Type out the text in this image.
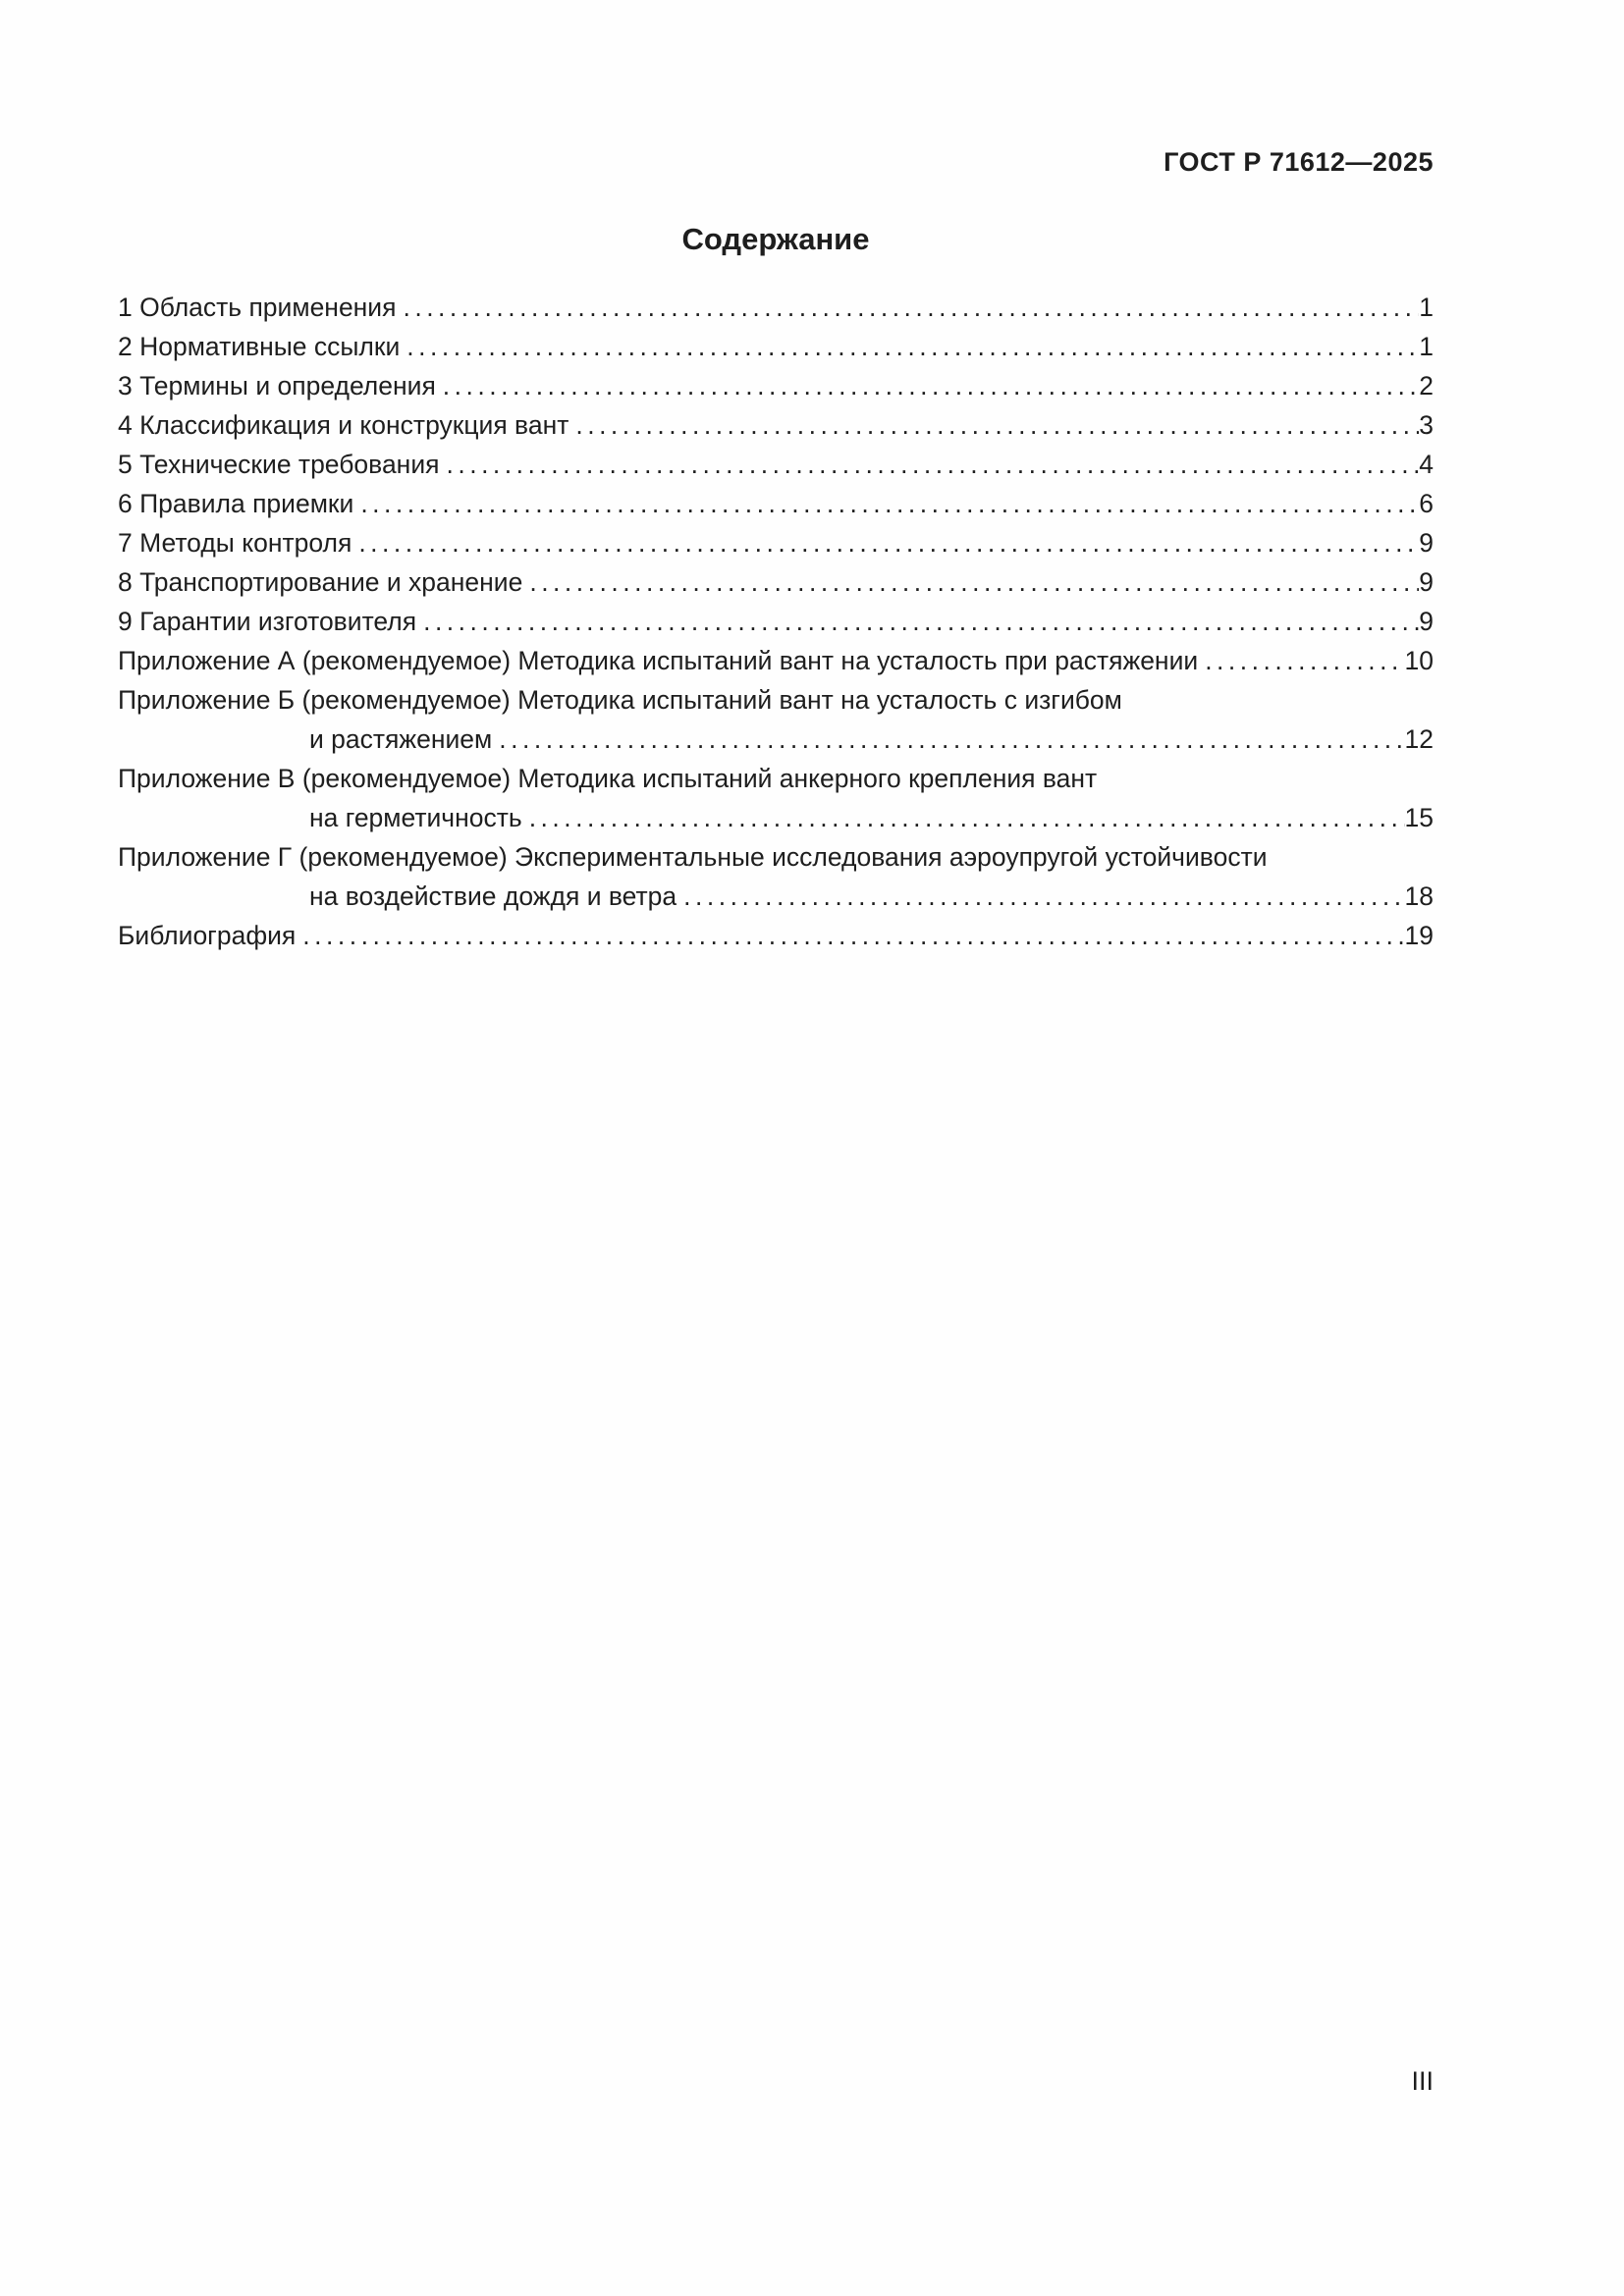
ГОСТ Р 71612—2025
Содержание
1 Область применения .....	1
2 Нормативные ссылки .....	1
3 Термины и определения .....	2
4 Классификация и конструкция вант .....	3
5 Технические требования .....	4
6 Правила приемки .....	6
7 Методы контроля .....	9
8 Транспортирование и хранение .....	9
9 Гарантии изготовителя .....	9
Приложение А (рекомендуемое) Методика испытаний вант на усталость при растяжении .....	10
Приложение Б (рекомендуемое) Методика испытаний вант на усталость с изгибом
и растяжением .....	12
Приложение В (рекомендуемое) Методика испытаний анкерного крепления вант
на герметичность .....	15
Приложение Г (рекомендуемое) Экспериментальные исследования аэроупругой устойчивости
на воздействие дождя и ветра .....	18
Библиография .....	19
III
